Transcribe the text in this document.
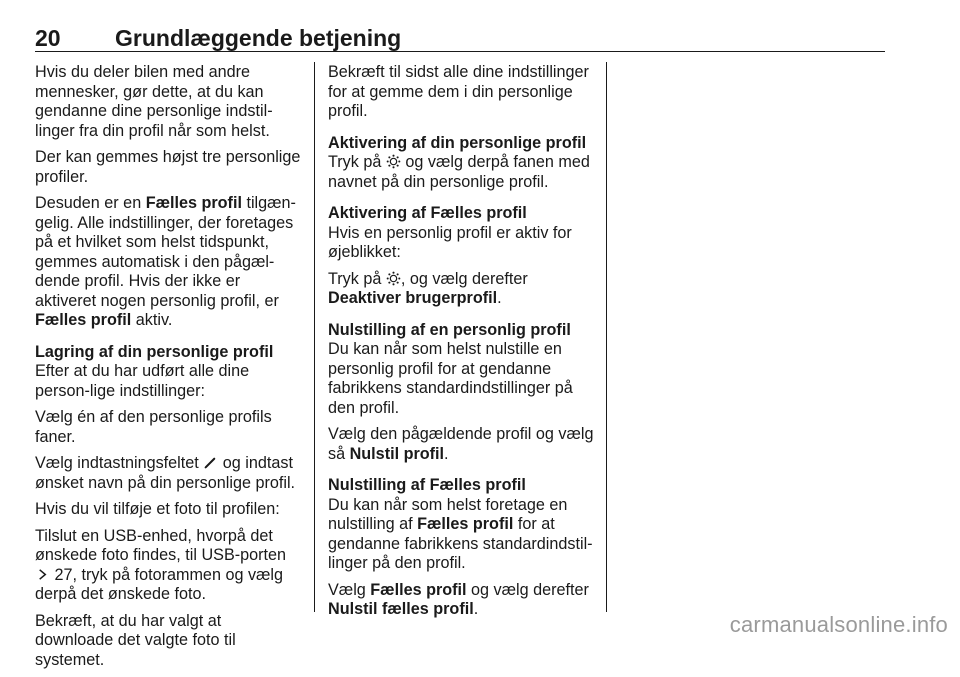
20 Grundlæggende betjening

Hvis du deler bilen med andre mennesker, gør dette, at du kan gendanne dine personlige indstil-linger fra din profil når som helst.

Der kan gemmes højst tre personlige profiler.

Desuden er en Fælles profil tilgæn-gelig. Alle indstillinger, der foretages på et hvilket som helst tidspunkt, gemmes automatisk i den pågæl-dende profil. Hvis der ikke er aktiveret nogen personlig profil, er Fælles profil aktiv.

Lagring af din personlige profil

Efter at du har udført alle dine person-lige indstillinger:

Vælg én af den personlige profils faner.

Vælg indtastningsfeltet  og indtast ønsket navn på din personlige profil.

Hvis du vil tilføje et foto til profilen:

Tilslut en USB-enhed, hvorpå det ønskede foto findes, til USB-porten  27, tryk på fotorammen og vælg derpå det ønskede foto.

Bekræft, at du har valgt at downloade det valgte foto til systemet.

Bekræft til sidst alle dine indstillinger for at gemme dem i din personlige profil.

Aktivering af din personlige profil

Tryk på  og vælg derpå fanen med navnet på din personlige profil.

Aktivering af Fælles profil

Hvis en personlig profil er aktiv for øjeblikket:

Tryk på , og vælg derefter Deaktiver brugerprofil.

Nulstilling af en personlig profil

Du kan når som helst nulstille en personlig profil for at gendanne fabrikkens standardindstillinger på den profil.

Vælg den pågældende profil og vælg så Nulstil profil.

Nulstilling af Fælles profil

Du kan når som helst foretage en nulstilling af Fælles profil for at gendanne fabrikkens standardindstil-linger på den profil.

Vælg Fælles profil og vælg derefter Nulstil fælles profil.

carmanualsonline.info
